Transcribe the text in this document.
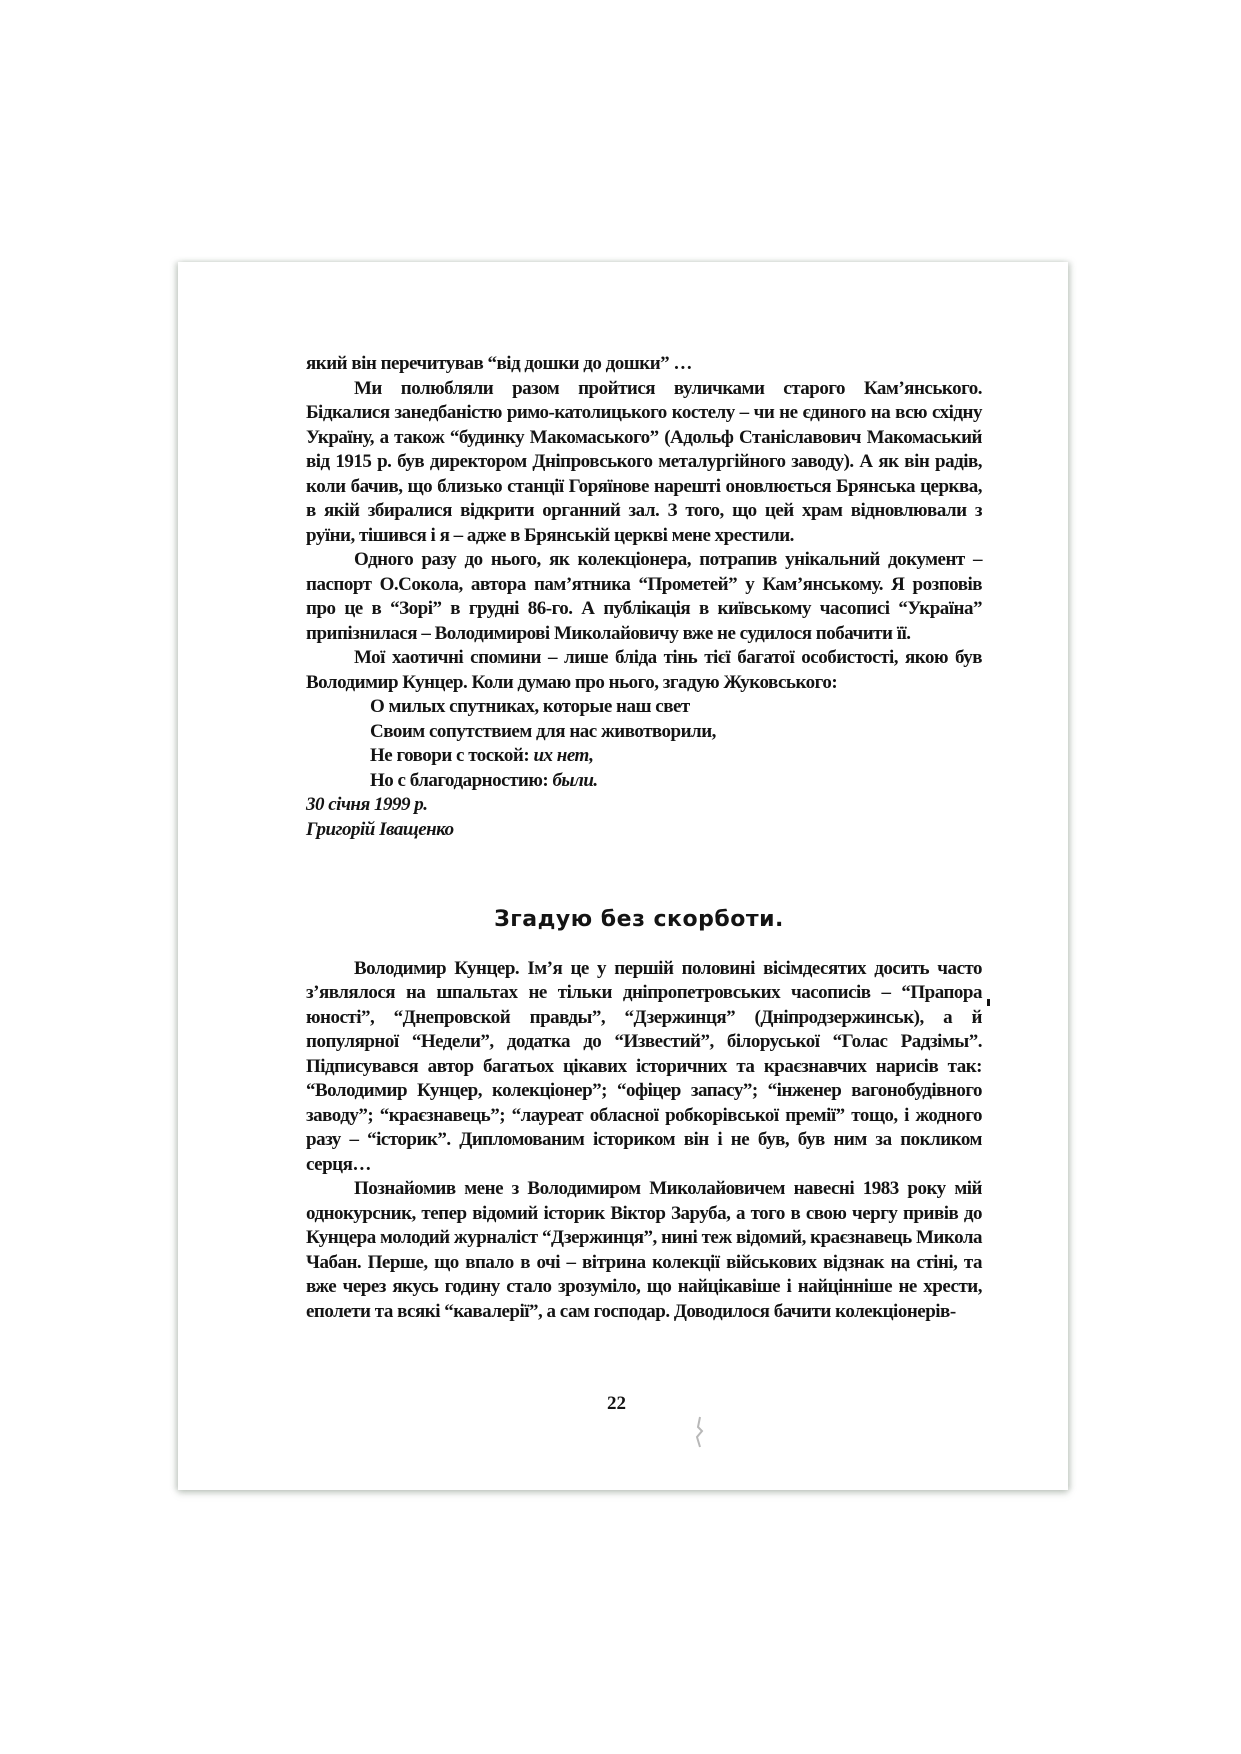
який він перечитував “від дошки до дошки” …

Ми полюбляли разом пройтися вуличками старого Кам’янського. Бідкалися занедбаністю римо-католицького костелу – чи не єдиного на всю східну Україну, а також “будинку Макомаського” (Адольф Станіславович Макомаський від 1915 р. був директором Дніпровського металургійного заводу). А як він радів, коли бачив, що близько станції Горяїнове нарешті оновлюється Брянська церква, в якій збиралися відкрити органний зал. З того, що цей храм відновлювали з руїни, тішився і я – адже в Брянській церкві мене хрестили.

Одного разу до нього, як колекціонера, потрапив унікальний документ – паспорт О.Сокола, автора пам’ятника “Прометей” у Кам’янському. Я розповів про це в “Зорі” в грудні 86-го. А публікація в київському часописі “Україна” припізнилася – Володимирові Миколайовичу вже не судилося побачити її.

Мої хаотичні спомини – лише бліда тінь тієї багатої особистості, якою був Володимир Кунцер. Коли думаю про нього, згадую Жуковського:

О милых спутниках, которые наш свет
Своим сопутствием для нас животворили,
Не говори с тоской: их нет,
Но с благодарностию: были.

30 січня 1999 р.

Григорій Іващенко

Згадую без скорботи.

Володимир Кунцер. Ім’я це у першій половині вісімдесятих досить часто з’являлося на шпальтах не тільки дніпропетровських часописів – “Прапора юності”, “Днепровской правды”, “Дзержинця” (Дніпродзержинськ), а й популярної “Недели”, додатка до “Известий”, білоруської “Голас Радзімы”. Підписувався автор багатьох цікавих історичних та краєзнавчих нарисів так: “Володимир Кунцер, колекціонер”; “офіцер запасу”; “інженер вагонобудівного заводу”; “краєзнавець”; “лауреат обласної робкорівської премії” тощо, і жодного разу – “історик”. Дипломованим істориком він і не був, був ним за покликом серця…

Познайомив мене з Володимиром Миколайовичем навесні 1983 року мій однокурсник, тепер відомий історик Віктор Заруба, а того в свою чергу привів до Кунцера молодий журналіст “Дзержинця”, нині теж відомий, краєзнавець Микола Чабан. Перше, що впало в очі – вітрина колекції військових відзнак на стіні, та вже через якусь годину стало зрозуміло, що найцікавіше і найцінніше не хрести, еполети та всякі “кавалерії”, а сам господар. Доводилося бачити колекціонерів-

22
